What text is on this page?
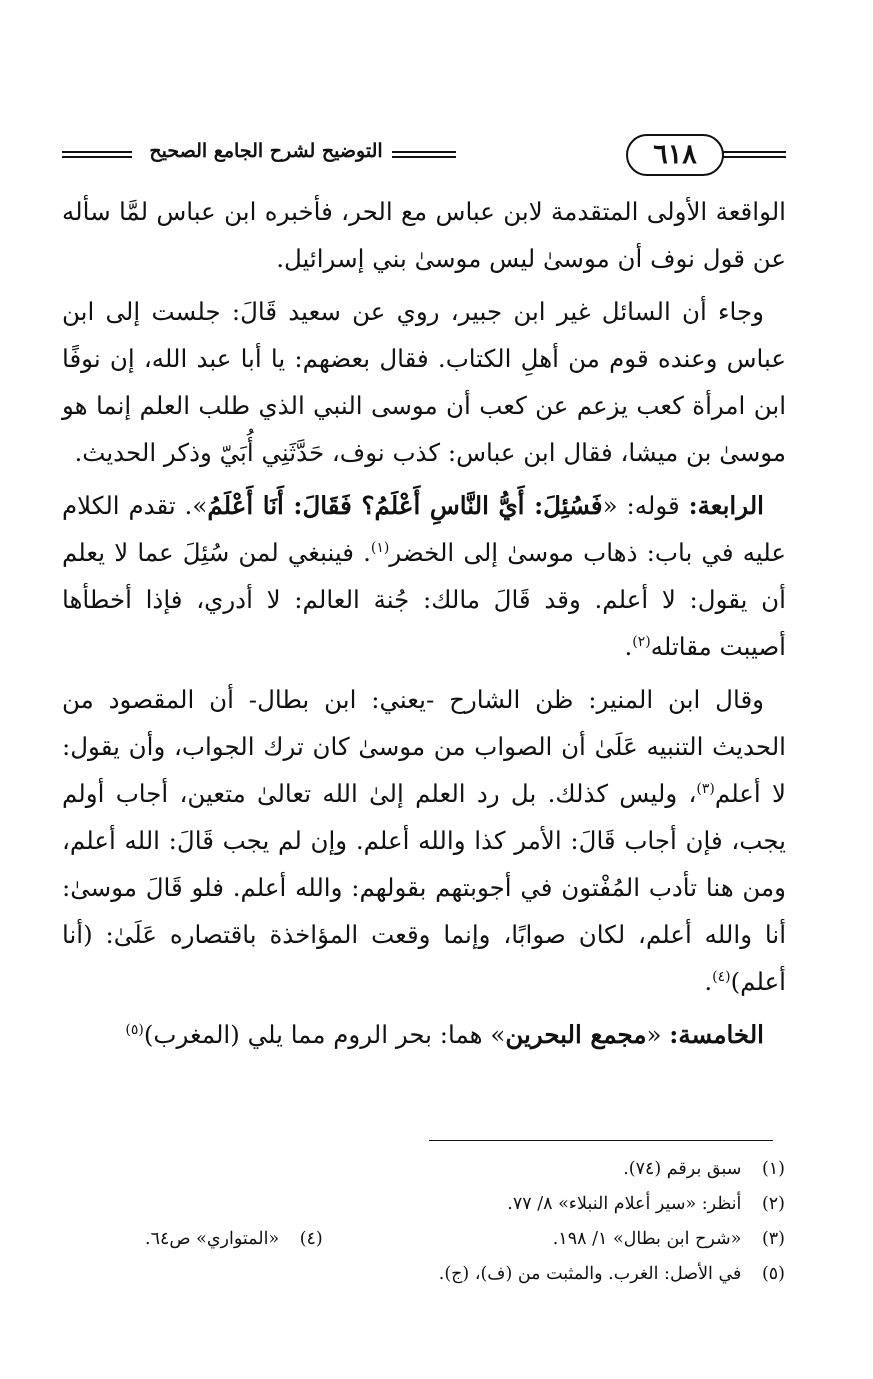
٦١٨
التوضيح لشرح الجامع الصحيح

الواقعة الأولى المتقدمة لابن عباس مع الحر، فأخبره ابن عباس لمَّا سأله عن قول نوف أن موسىٰ ليس موسىٰ بني إسرائيل.

وجاء أن السائل غير ابن جبير، روي عن سعيد قَالَ: جلست إلى ابن عباس وعنده قوم من أهلِ الكتاب. فقال بعضهم: يا أبا عبد الله، إن نوفًا ابن امرأة كعب يزعم عن كعب أن موسى النبي الذي طلب العلم إنما هو موسىٰ بن ميشا، فقال ابن عباس: كذب نوف، حَدَّثَنِي أُبَيّ وذكر الحديث.

الرابعة: قوله: «فَسُئِلَ: أَيُّ النَّاسِ أَعْلَمُ؟ فَقَالَ: أَنَا أَعْلَمُ». تقدم الكلام عليه في باب: ذهاب موسىٰ إلى الخضر$^{(١)}$. فينبغي لمن سُئِلَ عما لا يعلم أن يقول: لا أعلم. وقد قَالَ مالك: جُنة العالم: لا أدري، فإذا أخطأها أصيبت مقاتله$^{(٢)}$.

وقال ابن المنير: ظن الشارح -يعني: ابن بطال- أن المقصود من الحديث التنبيه عَلَىٰ أن الصواب من موسىٰ كان ترك الجواب، وأن يقول: لا أعلم$^{(٣)}$، وليس كذلك. بل رد العلم إلىٰ الله تعالىٰ متعين، أجاب أولم يجب، فإن أجاب قَالَ: الأمر كذا والله أعلم. وإن لم يجب قَالَ: الله أعلم، ومن هنا تأدب المُفْتون في أجوبتهم بقولهم: والله أعلم. فلو قَالَ موسىٰ: أنا والله أعلم، لكان صوابًا، وإنما وقعت المؤاخذة باقتصاره عَلَىٰ: (أنا أعلم)$^{(٤)}$.

الخامسة: «مجمع البحرين» هما: بحر الروم مما يلي (المغرب)$^{(٥)}$

(١) سبق برقم (٧٤).
(٢) أنظر: «سير أعلام النبلاء» ٨/ ٧٧.
(٣) «شرح ابن بطال» ١/ ١٩٨.
(٤) «المتواري» ص٦٤.
(٥) في الأصل: الغرب. والمثبت من (ف)، (ج).
